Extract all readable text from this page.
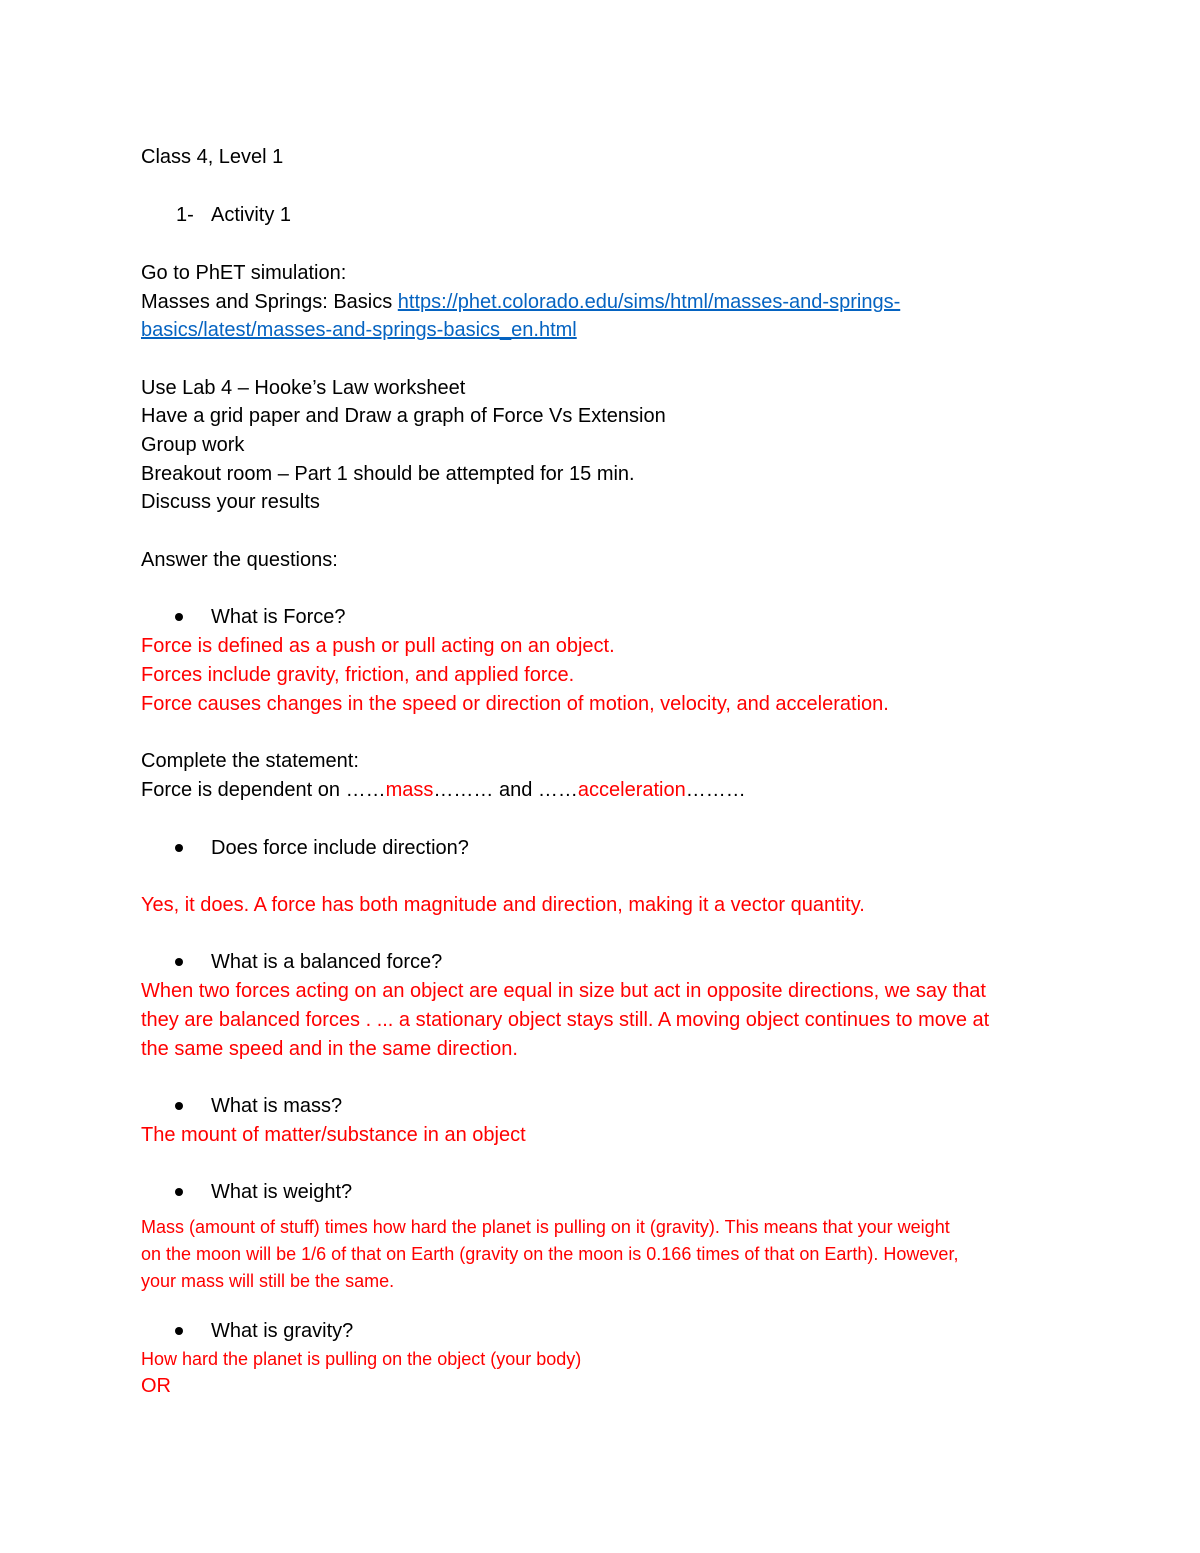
Class 4, Level 1
1- Activity 1
Go to PhET simulation:
Masses and Springs: Basics https://phet.colorado.edu/sims/html/masses-and-springs-
basics/latest/masses-and-springs-basics_en.html
Use Lab 4 – Hooke’s Law worksheet
Have a grid paper and Draw a graph of Force Vs Extension
Group work
Breakout room – Part 1 should be attempted for 15 min.
Discuss your results
Answer the questions:
What is Force?
Force is defined as a push or pull acting on an object.
Forces include gravity, friction, and applied force.
Force causes changes in the speed or direction of motion, velocity, and acceleration.
Complete the statement:
Force is dependent on ……mass……… and ……acceleration………
Does force include direction?
Yes, it does. A force has both magnitude and direction, making it a vector quantity.
What is a balanced force?
When two forces acting on an object are equal in size but act in opposite directions, we say that
they are balanced forces . ... a stationary object stays still. A moving object continues to move at
the same speed and in the same direction.
What is mass?
The mount of matter/substance in an object
What is weight?
Mass (amount of stuff) times how hard the planet is pulling on it (gravity). This means that your weight
on the moon will be 1/6 of that on Earth (gravity on the moon is 0.166 times of that on Earth). However,
your mass will still be the same.
What is gravity?
How hard the planet is pulling on the object (your body)
OR
